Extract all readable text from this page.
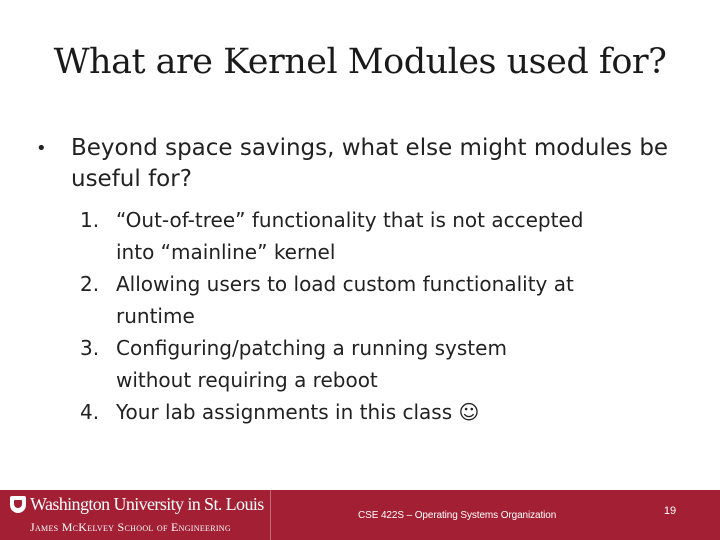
What are Kernel Modules used for?
• Beyond space savings, what else might modules be useful for?
1. “Out-of-tree” functionality that is not accepted
into “mainline” kernel
2. Allowing users to load custom functionality at
runtime
3. Configuring/patching a running system
without requiring a reboot
4. Your lab assignments in this class ☺
Washington University in St. Louis
James McKelvey School of Engineering
CSE 422S – Operating Systems Organization	19
